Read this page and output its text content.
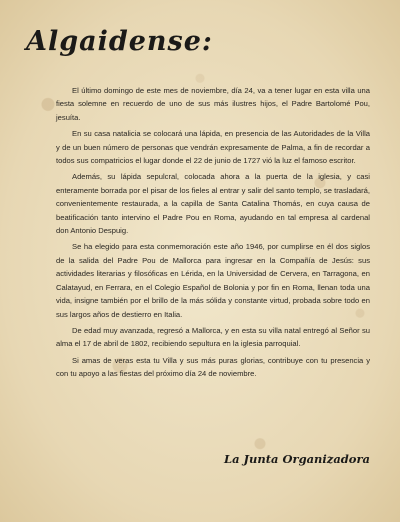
Algaidense:

El último domingo de este mes de noviembre, día 24, va a tener lugar en esta villa una fiesta solemne en recuerdo de uno de sus más ilustres hijos, el Padre Bartolomé Pou, jesuíta.

En su casa natalicia se colocará una lápida, en presencia de las Autoridades de la Villa y de un buen número de personas que vendrán expresamente de Palma, a fin de recordar a todos sus compatricios el lugar donde el 22 de junio de 1727 vió la luz el famoso escritor.

Además, su lápida sepulcral, colocada ahora a la puerta de la iglesia, y casi enteramente borrada por el pisar de los fieles al entrar y salir del santo templo, se trasladará, convenientemente restaurada, a la capilla de Santa Catalina Thomás, en cuya causa de beatificación tanto intervino el Padre Pou en Roma, ayudando en tal empresa al cardenal don Antonio Despuig.

Se ha elegido para esta conmemoración este año 1946, por cumplirse en él dos siglos de la salida del Padre Pou de Mallorca para ingresar en la Compañía de Jesús: sus actividades literarias y filosóficas en Lérida, en la Universidad de Cervera, en Tarragona, en Calatayud, en Ferrara, en el Colegio Español de Bolonia y por fin en Roma, llenan toda una vida, insigne también por el brillo de la más sólida y constante virtud, probada sobre todo en sus largos años de destierro en Italia.

De edad muy avanzada, regresó a Mallorca, y en esta su villa natal entregó al Señor su alma el 17 de abril de 1802, recibiendo sepultura en la iglesia parroquial.

Si amas de veras esta tu Villa y sus más puras glorias, contribuye con tu presencia y con tu apoyo a las fiestas del próximo día 24 de noviembre.

La Junta Organizadora
